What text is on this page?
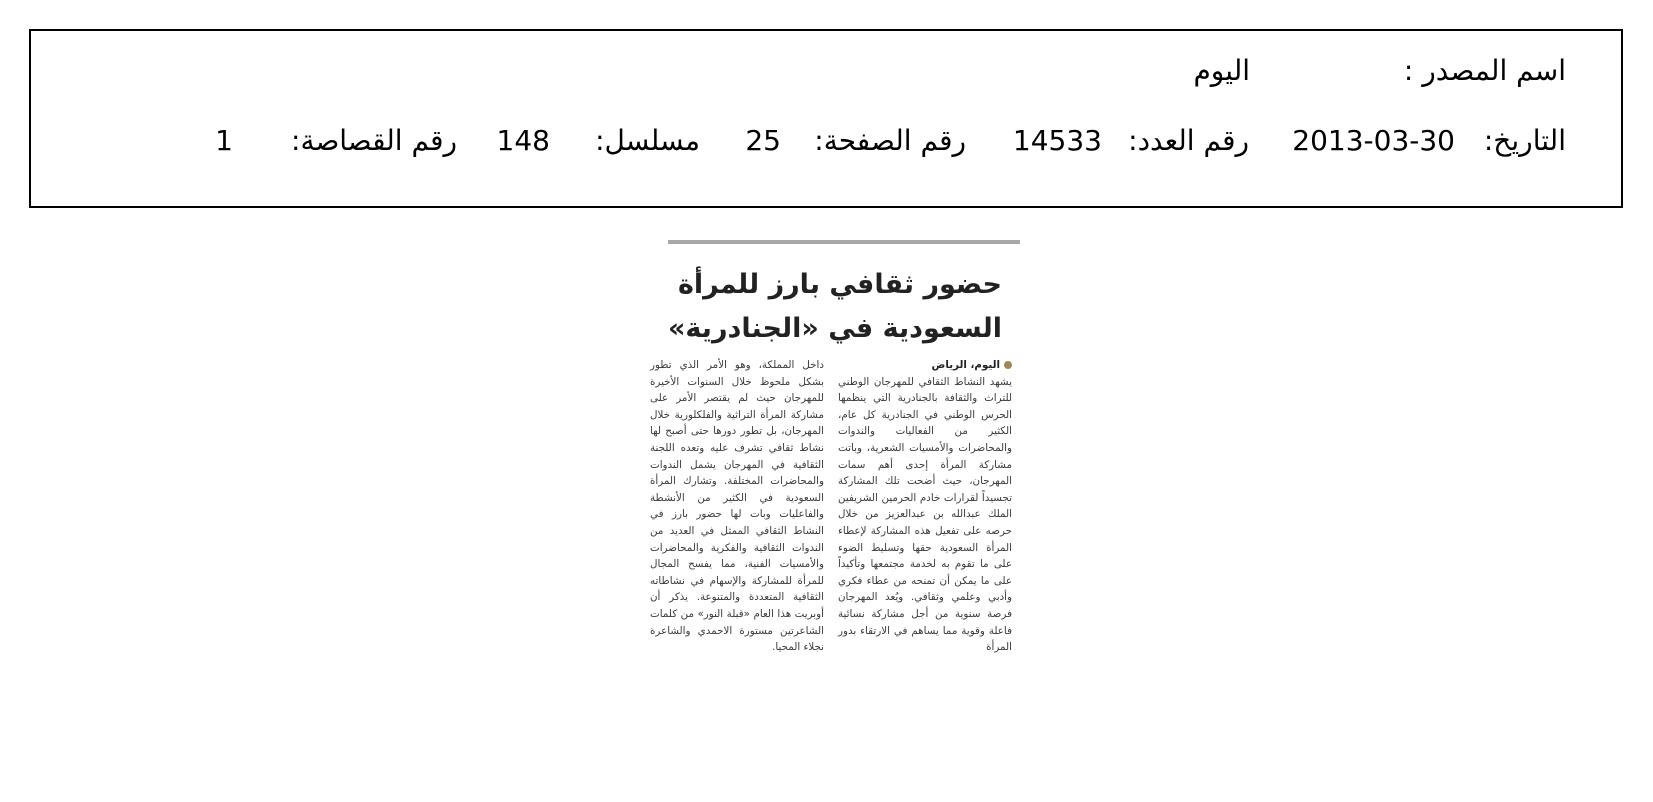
اسم المصدر :
اليوم
التاريخ:
2013-03-30
رقم العدد:
14533
رقم الصفحة:
25
مسلسل:
148
رقم القصاصة:
1
حضور ثقافي بارز للمرأة السعودية في «الجنادرية»
اليوم، الرياض
يشهد النشاط الثقافي للمهرجان الوطني للتراث والثقافة بالجنادرية التي ينظمها الحرس الوطني في الجنادرية كل عام، الكثير من الفعاليات والندوات والمحاضرات والأمسيات الشعرية، وباتت مشاركة المرأة إحدى أهم سمات المهرجان، حيث أضحت تلك المشاركة تجسيداً لقرارات خادم الحرمين الشريفين الملك عبدالله بن عبدالعزيز من خلال حرصه على تفعيل هذه المشاركة لإعطاء المرأة السعودية حقها وتسليط الضوء على ما تقوم به لخدمة مجتمعها وتأكيداً على ما يمكن أن تمنحه من عطاء فكري وأدبي وعلمي وثقافي. ويُعد المهرجان فرصة سنوية من أجل مشاركة نسائية فاعلة وقوية مما يساهم في الارتقاء بدور المرأة
داخل المملكة، وهو الأمر الذي تطور بشكل ملحوظ خلال السنوات الأخيرة للمهرجان حيث لم يقتصر الأمر على مشاركة المرأة التراثية والفلكلورية خلال المهرجان، بل تطور دورها حتى أصبح لها نشاط ثقافي تشرف عليه وتعده اللجنة الثقافية في المهرجان يشمل الندوات والمحاضرات المختلفة. وتشارك المرأة السعودية في الكثير من الأنشطة والفاعليات وبات لها حضور بارز في النشاط الثقافي الممثل في العديد من الندوات الثقافية والفكرية والمحاضرات والأمسيات الفنية، مما يفسح المجال للمرأة للمشاركة والإسهام في نشاطاته الثقافية المتعددة والمتنوعة. يذكر أن أوبريت هذا العام «قبلة النور» من كلمات الشاعرتين مستورة الاحمدي والشاعرة نجلاء المحيا.
